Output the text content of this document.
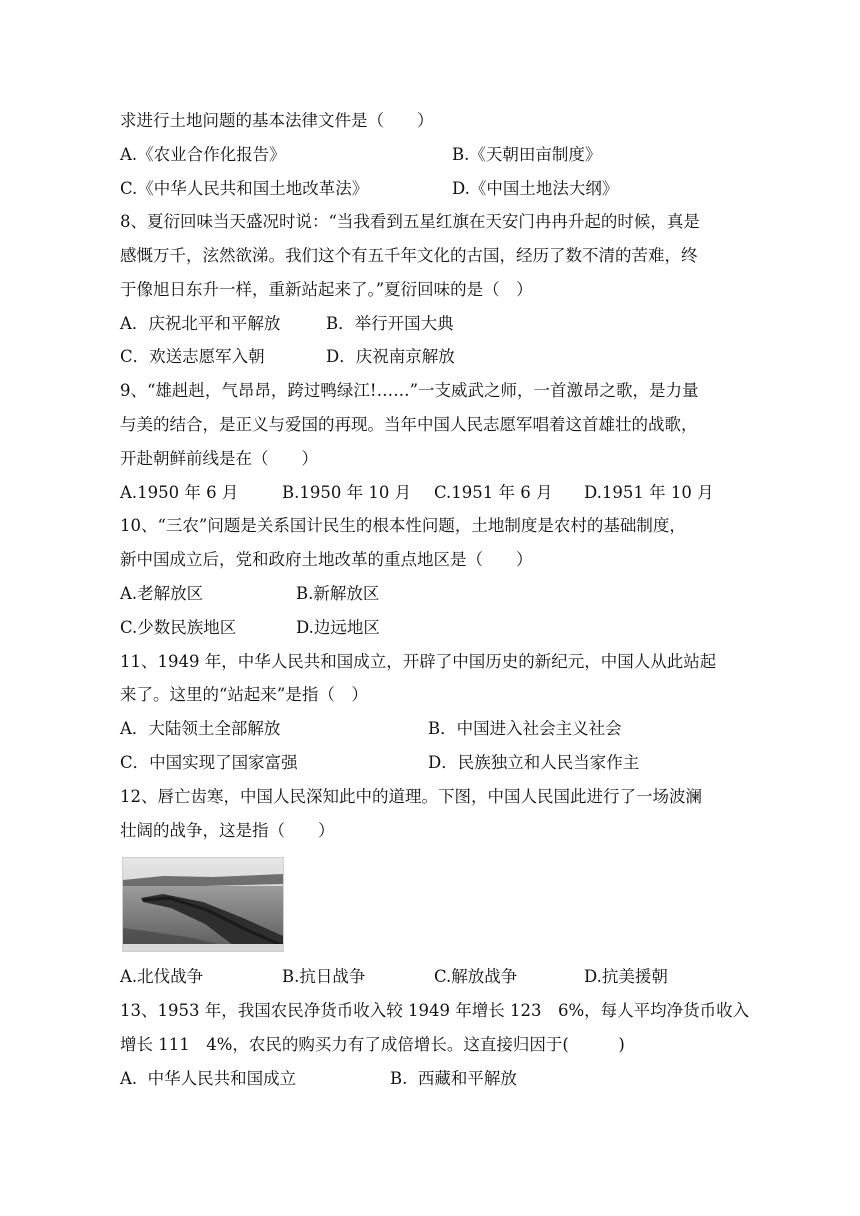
求进行土地问题的基本法律文件是（　　）
A.《农业合作化报告》	B.《天朝田亩制度》
C.《中华人民共和国土地改革法》	D.《中国土地法大纲》
8、夏衍回味当天盛况时说：“当我看到五星红旗在天安门冉冉升起的时候，真是
感慨万千，泫然欲涕。我们这个有五千年文化的古国，经历了数不清的苦难，终
于像旭日东升一样，重新站起来了。”夏衍回味的是（　）
A．庆祝北平和平解放	B．举行开国大典
C．欢送志愿军入朝	D．庆祝南京解放
9、“雄赳赳，气昂昂，跨过鸭绿江!……”一支威武之师，一首激昂之歌，是力量
与美的结合，是正义与爱国的再现。当年中国人民志愿军唱着这首雄壮的战歌，
开赴朝鲜前线是在（　　）
A.1950 年 6 月	B.1950 年 10 月 C.1951 年 6 月 D.1951 年 10 月
10、“三农”问题是关系国计民生的根本性问题，土地制度是农村的基础制度，
新中国成立后，党和政府土地改革的重点地区是（　　）
A.老解放区	B.新解放区
C.少数民族地区	D.边远地区
11、1949 年，中华人民共和国成立，开辟了中国历史的新纪元，中国人从此站起
来了。这里的“站起来”是指（　）
A．大陆领土全部解放	B．中国进入社会主义社会
C．中国实现了国家富强	D．民族独立和人民当家作主
12、唇亡齿寒，中国人民深知此中的道理。下图，中国人民国此进行了一场波澜
壮阔的战争，这是指（　　）
A.北伐战争	B.抗日战争	C.解放战争	D.抗美援朝
13、1953 年，我国农民净货币收入较 1949 年增长 123　6%，每人平均净货币收入
增长 111　4%，农民的购买力有了成倍增长。这直接归因于(　　　)
A.  中华人民共和国成立	B.  西藏和平解放
